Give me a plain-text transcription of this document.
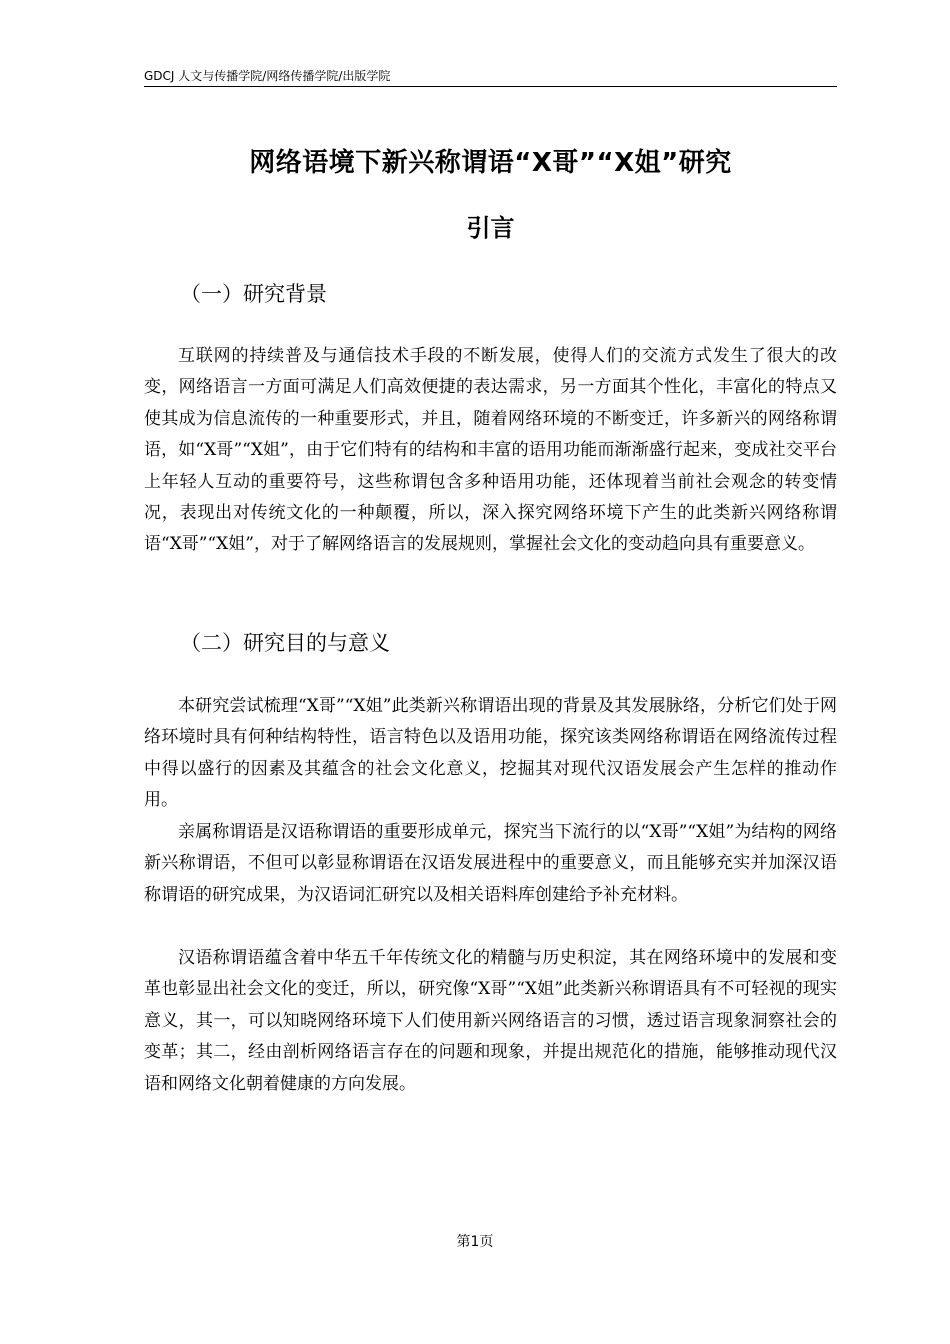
GDCJ 人文与传播学院/网络传播学院/出版学院
网络语境下新兴称谓语“X哥”“X姐”研究
引言
（一）研究背景

互联网的持续普及与通信技术手段的不断发展，使得人们的交流方式发生了很大的改变，网络语言一方面可满足人们高效便捷的表达需求，另一方面其个性化，丰富化的特点又使其成为信息流传的一种重要形式，并且，随着网络环境的不断变迁，许多新兴的网络称谓语，如“X哥”“X姐”，由于它们特有的结构和丰富的语用功能而渐渐盛行起来，变成社交平台上年轻人互动的重要符号，这些称谓包含多种语用功能，还体现着当前社会观念的转变情况，表现出对传统文化的一种颠覆，所以，深入探究网络环境下产生的此类新兴网络称谓语“X哥”“X姐”，对于了解网络语言的发展规则，掌握社会文化的变动趋向具有重要意义。

（二）研究目的与意义

本研究尝试梳理“X哥”“X姐”此类新兴称谓语出现的背景及其发展脉络，分析它们处于网络环境时具有何种结构特性，语言特色以及语用功能，探究该类网络称谓语在网络流传过程中得以盛行的因素及其蕴含的社会文化意义，挖掘其对现代汉语发展会产生怎样的推动作用。

亲属称谓语是汉语称谓语的重要形成单元，探究当下流行的以“X哥”“X姐”为结构的网络新兴称谓语，不但可以彰显称谓语在汉语发展进程中的重要意义，而且能够充实并加深汉语称谓语的研究成果，为汉语词汇研究以及相关语料库创建给予补充材料。

汉语称谓语蕴含着中华五千年传统文化的精髓与历史积淀，其在网络环境中的发展和变革也彰显出社会文化的变迁，所以，研究像“X哥”“X姐”此类新兴称谓语具有不可轻视的现实意义，其一，可以知晓网络环境下人们使用新兴网络语言的习惯，透过语言现象洞察社会的变革；其二，经由剖析网络语言存在的问题和现象，并提出规范化的措施，能够推动现代汉语和网络文化朝着健康的方向发展。

第1页
